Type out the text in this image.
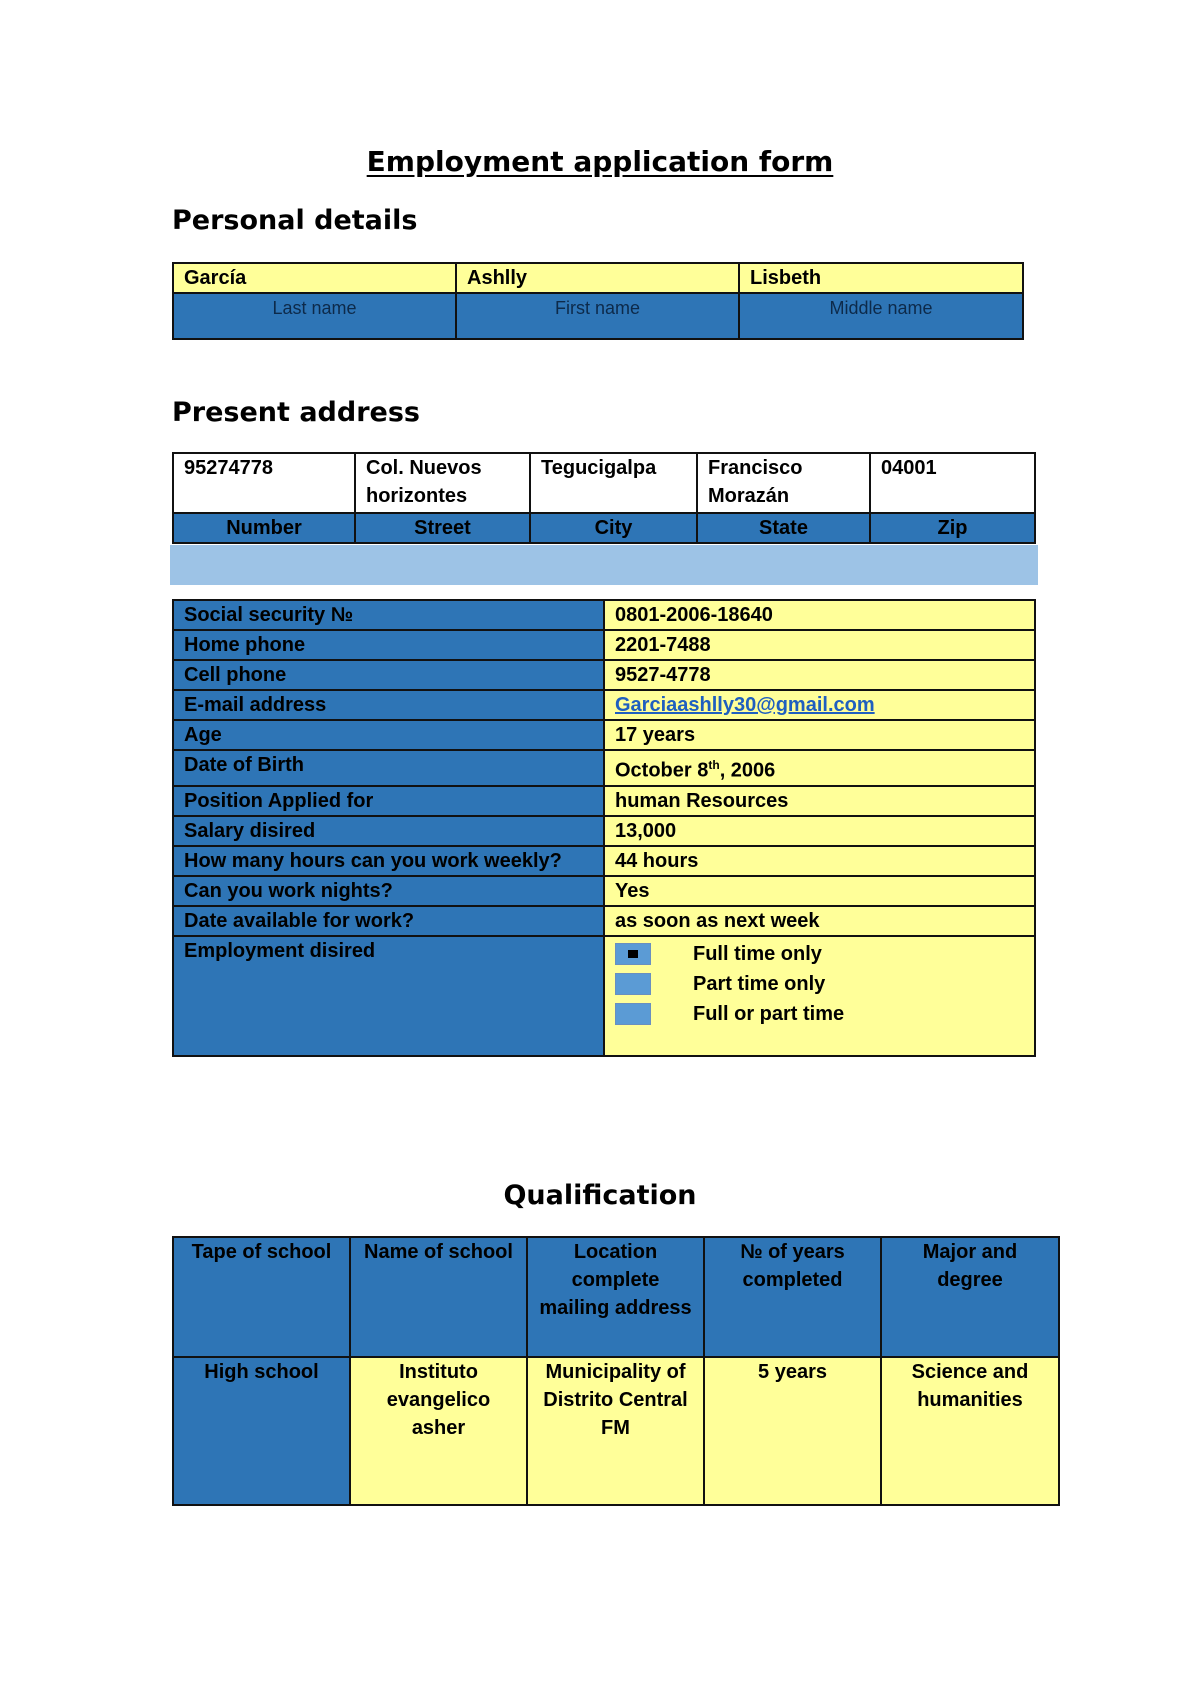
Employment application form
Personal details
García	Ashlly	Lisbeth
Last name	First name	Middle name
Present address
95274778	Col. Nuevos horizontes	Tegucigalpa	Francisco Morazán	04001
Number	Street	City	State	Zip
Social security №	0801-2006-18640
Home phone	2201-7488
Cell phone	9527-4778
E-mail address	Garciaashlly30@gmail.com
Age	17 years
Date of Birth	October 8th, 2006
Position Applied for	human Resources
Salary disired	13,000
How many hours can you work weekly?	44 hours
Can you work nights?	Yes
Date available for work?	as soon as next week
Employment disired	Full time only
Part time only
Full or part time
Qualification
Tape of school	Name of school	Location complete mailing address	№ of years completed	Major and degree
High school	Instituto evangelico asher	Municipality of Distrito Central FM	5 years	Science and humanities
